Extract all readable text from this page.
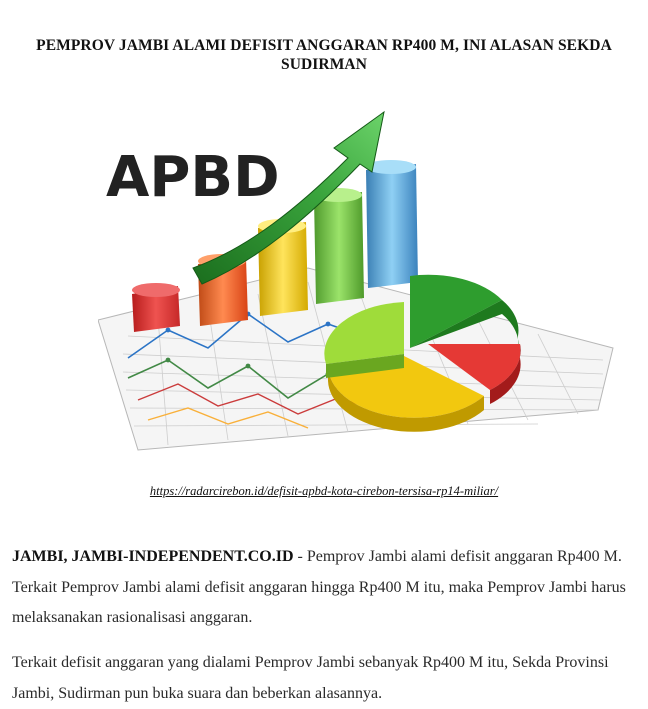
PEMPROV JAMBI ALAMI DEFISIT ANGGARAN RP400 M, INI ALASAN SEKDA SUDIRMAN
APBD
https://radarcirebon.id/defisit-apbd-kota-cirebon-tersisa-rp14-miliar/

JAMBI, JAMBI-INDEPENDENT.CO.ID - Pemprov Jambi alami defisit anggaran Rp400 M. Terkait Pemprov Jambi alami defisit anggaran hingga Rp400 M itu, maka Pemprov Jambi harus melaksanakan rasionalisasi anggaran.

Terkait defisit anggaran yang dialami Pemprov Jambi sebanyak Rp400 M itu, Sekda Provinsi Jambi, Sudirman pun buka suara dan beberkan alasannya.
